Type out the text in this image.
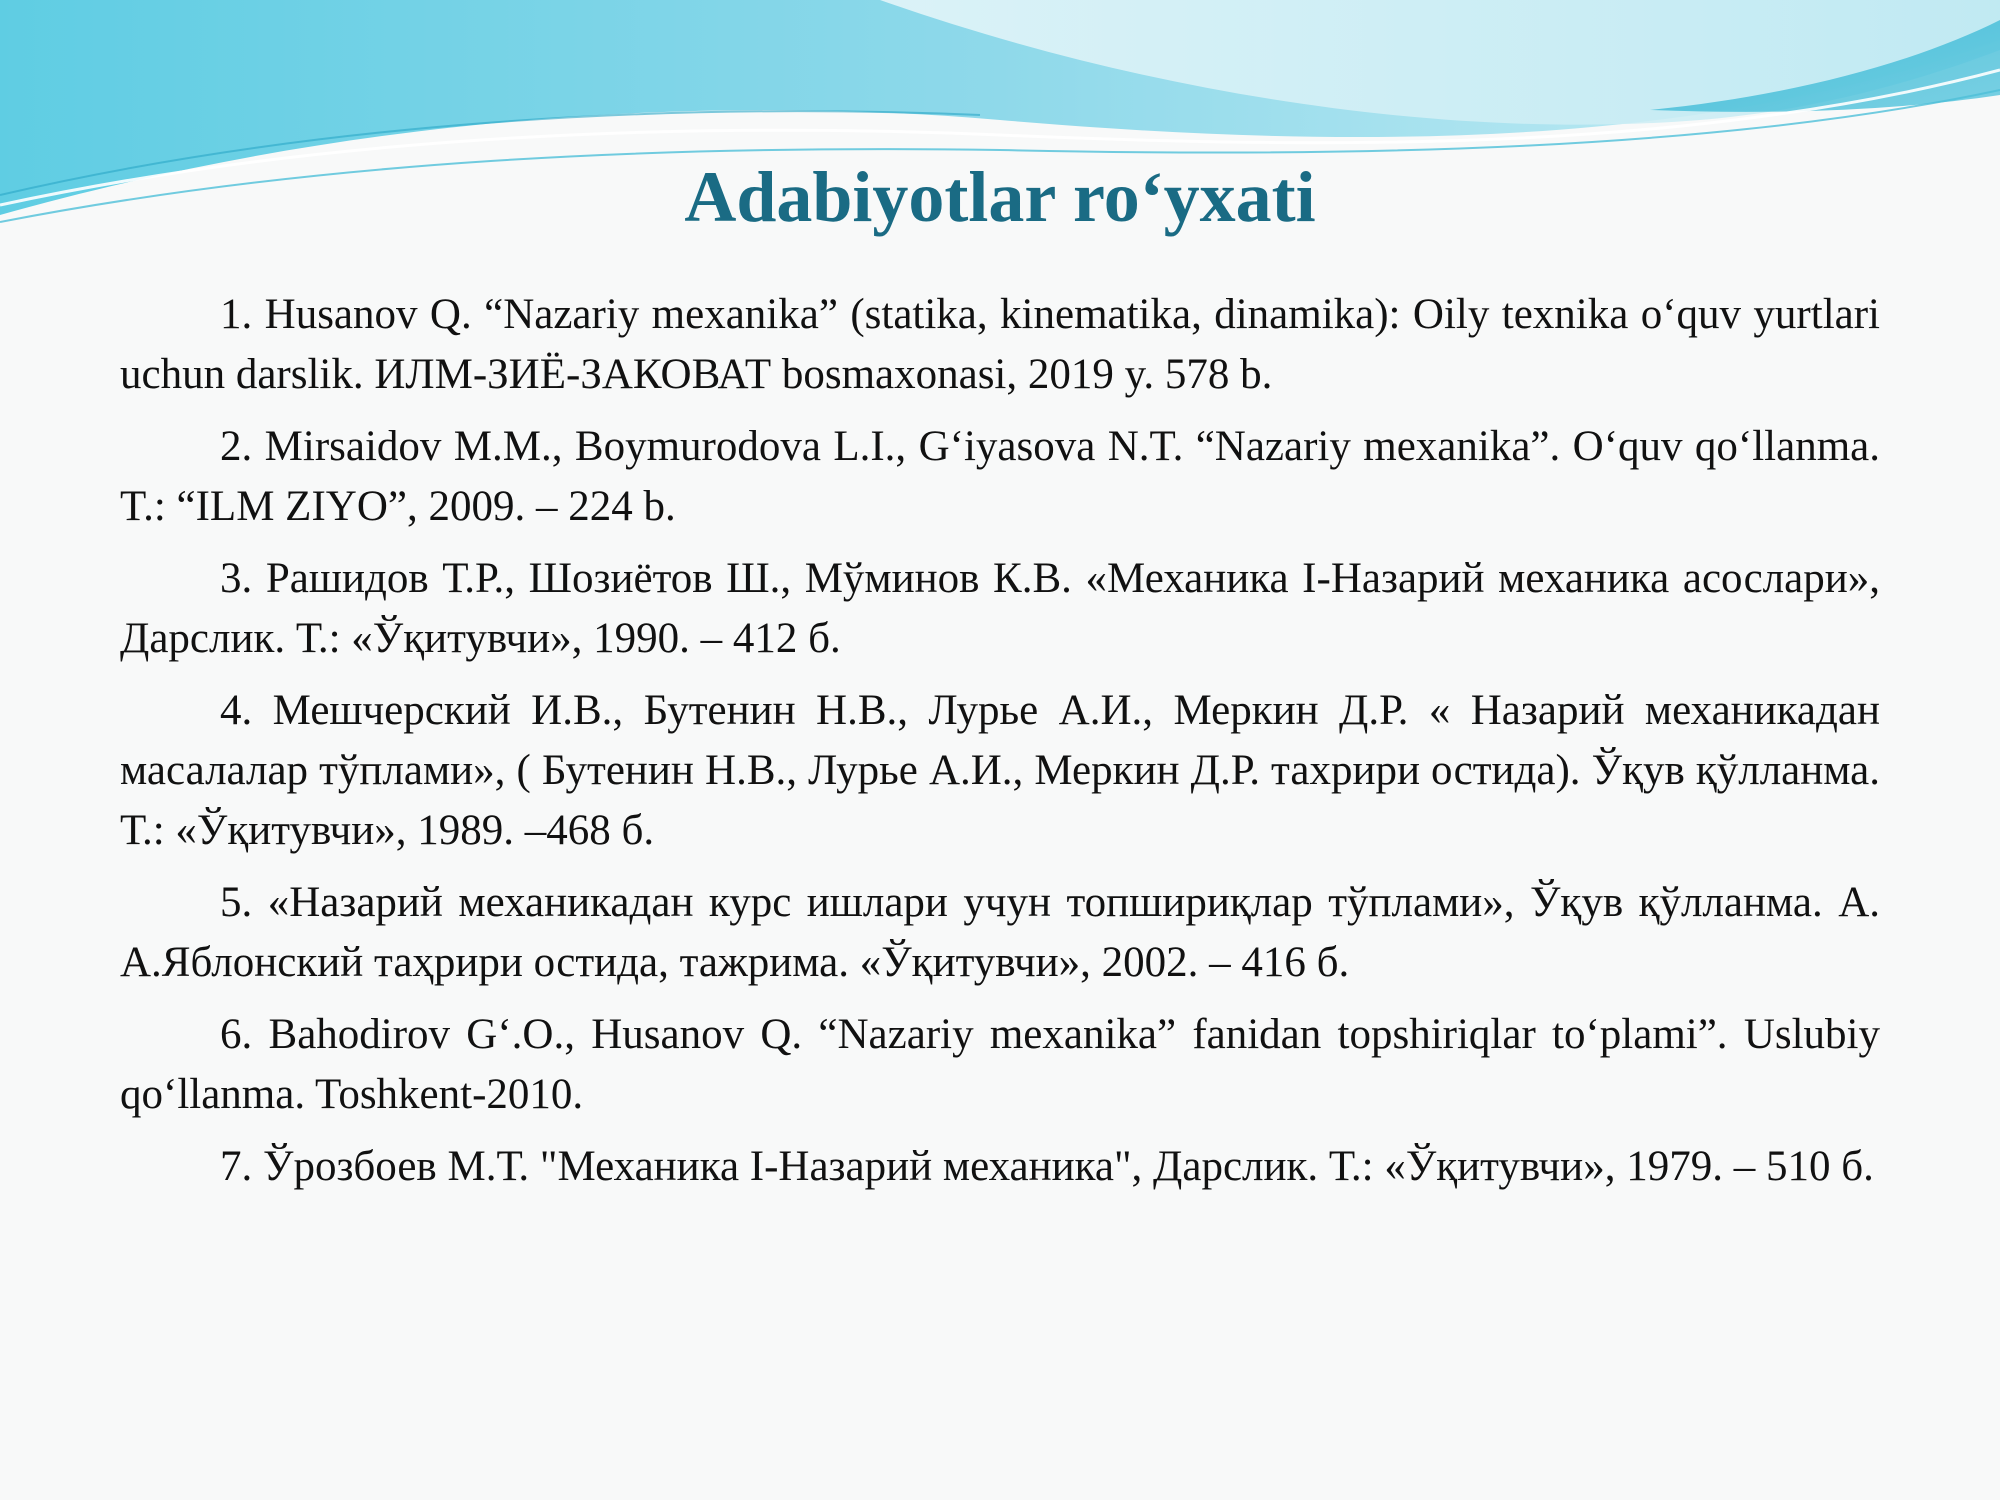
Adabiyotlar ro‘yxati
1. Husanov Q. “Nazariy mexanika” (statika, kinematika, dinamika): Oily texnika o‘quv yurtlari uchun darslik. ИЛМ-ЗИЁ-ЗАКОВАТ bosmaxonasi, 2019 y. 578 b.
2. Mirsaidov M.M., Boymurodova L.I., G‘iyasova N.T. “Nazariy mexanika”. O‘quv qo‘llanma. T.: “ILM ZIYO”, 2009. – 224 b.
3. Рашидов Т.Р., Шозиётов Ш., Мўминов К.В. «Механика I-Назарий механика асослари», Дарслик. Т.: «Ўқитувчи», 1990. – 412 б.
4. Мешчерский И.В., Бутенин Н.В., Лурье А.И., Меркин Д.Р. « Назарий механикадан масалалар тўплами», ( Бутенин Н.В., Лурье А.И., Меркин Д.Р. тахрири остида). Ўқув қўлланма. Т.: «Ўқитувчи», 1989. –468 б.
5. «Назарий механикадан курс ишлари учун топшириқлар тўплами», Ўқув қўлланма. А. А.Яблонский таҳрири остида, тажрима. «Ўқитувчи», 2002. – 416 б.
6. Bahodirov G‘.O., Husanov Q. “Nazariy mexanika” fanidan topshiriqlar to‘plami”. Uslubiy qo‘llanma. Toshkent-2010.
7. Ўрозбоев М.Т. "Механика I-Назарий механика", Дарслик. Т.: «Ўқитувчи», 1979. – 510 б.
